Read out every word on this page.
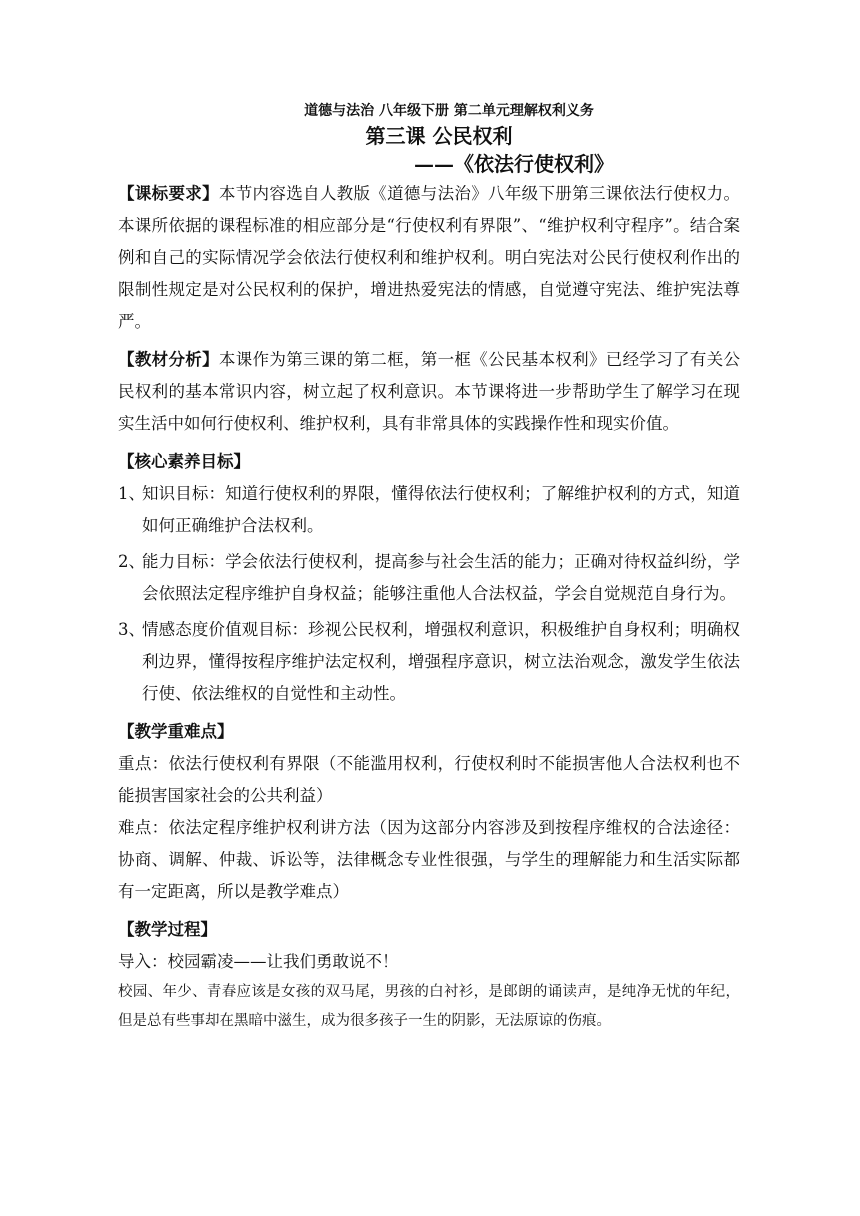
道德与法治 八年级下册 第二单元理解权利义务

第三课 公民权利

——《依法行使权利》

【课标要求】本节内容选自人教版《道德与法治》八年级下册第三课依法行使权力。本课所依据的课程标准的相应部分是“行使权利有界限”、“维护权利守程序”。结合案例和自己的实际情况学会依法行使权利和维护权利。明白宪法对公民行使权利作出的限制性规定是对公民权利的保护，增进热爱宪法的情感，自觉遵守宪法、维护宪法尊严。

【教材分析】本课作为第三课的第二框，第一框《公民基本权利》已经学习了有关公民权利的基本常识内容，树立起了权利意识。本节课将进一步帮助学生了解学习在现实生活中如何行使权利、维护权利，具有非常具体的实践操作性和现实价值。

【核心素养目标】

1、
知识目标：知道行使权利的界限，懂得依法行使权利；了解维护权利的方式，知道如何正确维护合法权利。
2、
能力目标：学会依法行使权利，提高参与社会生活的能力；正确对待权益纠纷，学会依照法定程序维护自身权益；能够注重他人合法权益，学会自觉规范自身行为。
3、
情感态度价值观目标：珍视公民权利，增强权利意识，积极维护自身权利；明确权利边界，懂得按程序维护法定权利，增强程序意识，树立法治观念，激发学生依法行使、依法维权的自觉性和主动性。

【教学重难点】

重点：依法行使权利有界限（不能滥用权利，行使权利时不能损害他人合法权利也不能损害国家社会的公共利益）

难点：依法定程序维护权利讲方法（因为这部分内容涉及到按程序维权的合法途径：协商、调解、仲裁、诉讼等，法律概念专业性很强，与学生的理解能力和生活实际都有一定距离，所以是教学难点）

【教学过程】

导入：校园霸凌——让我们勇敢说不！

校园、年少、青春应该是女孩的双马尾，男孩的白衬衫，是郎朗的诵读声，是纯净无忧的年纪，但是总有些事却在黑暗中滋生，成为很多孩子一生的阴影，无法原谅的伤痕。
